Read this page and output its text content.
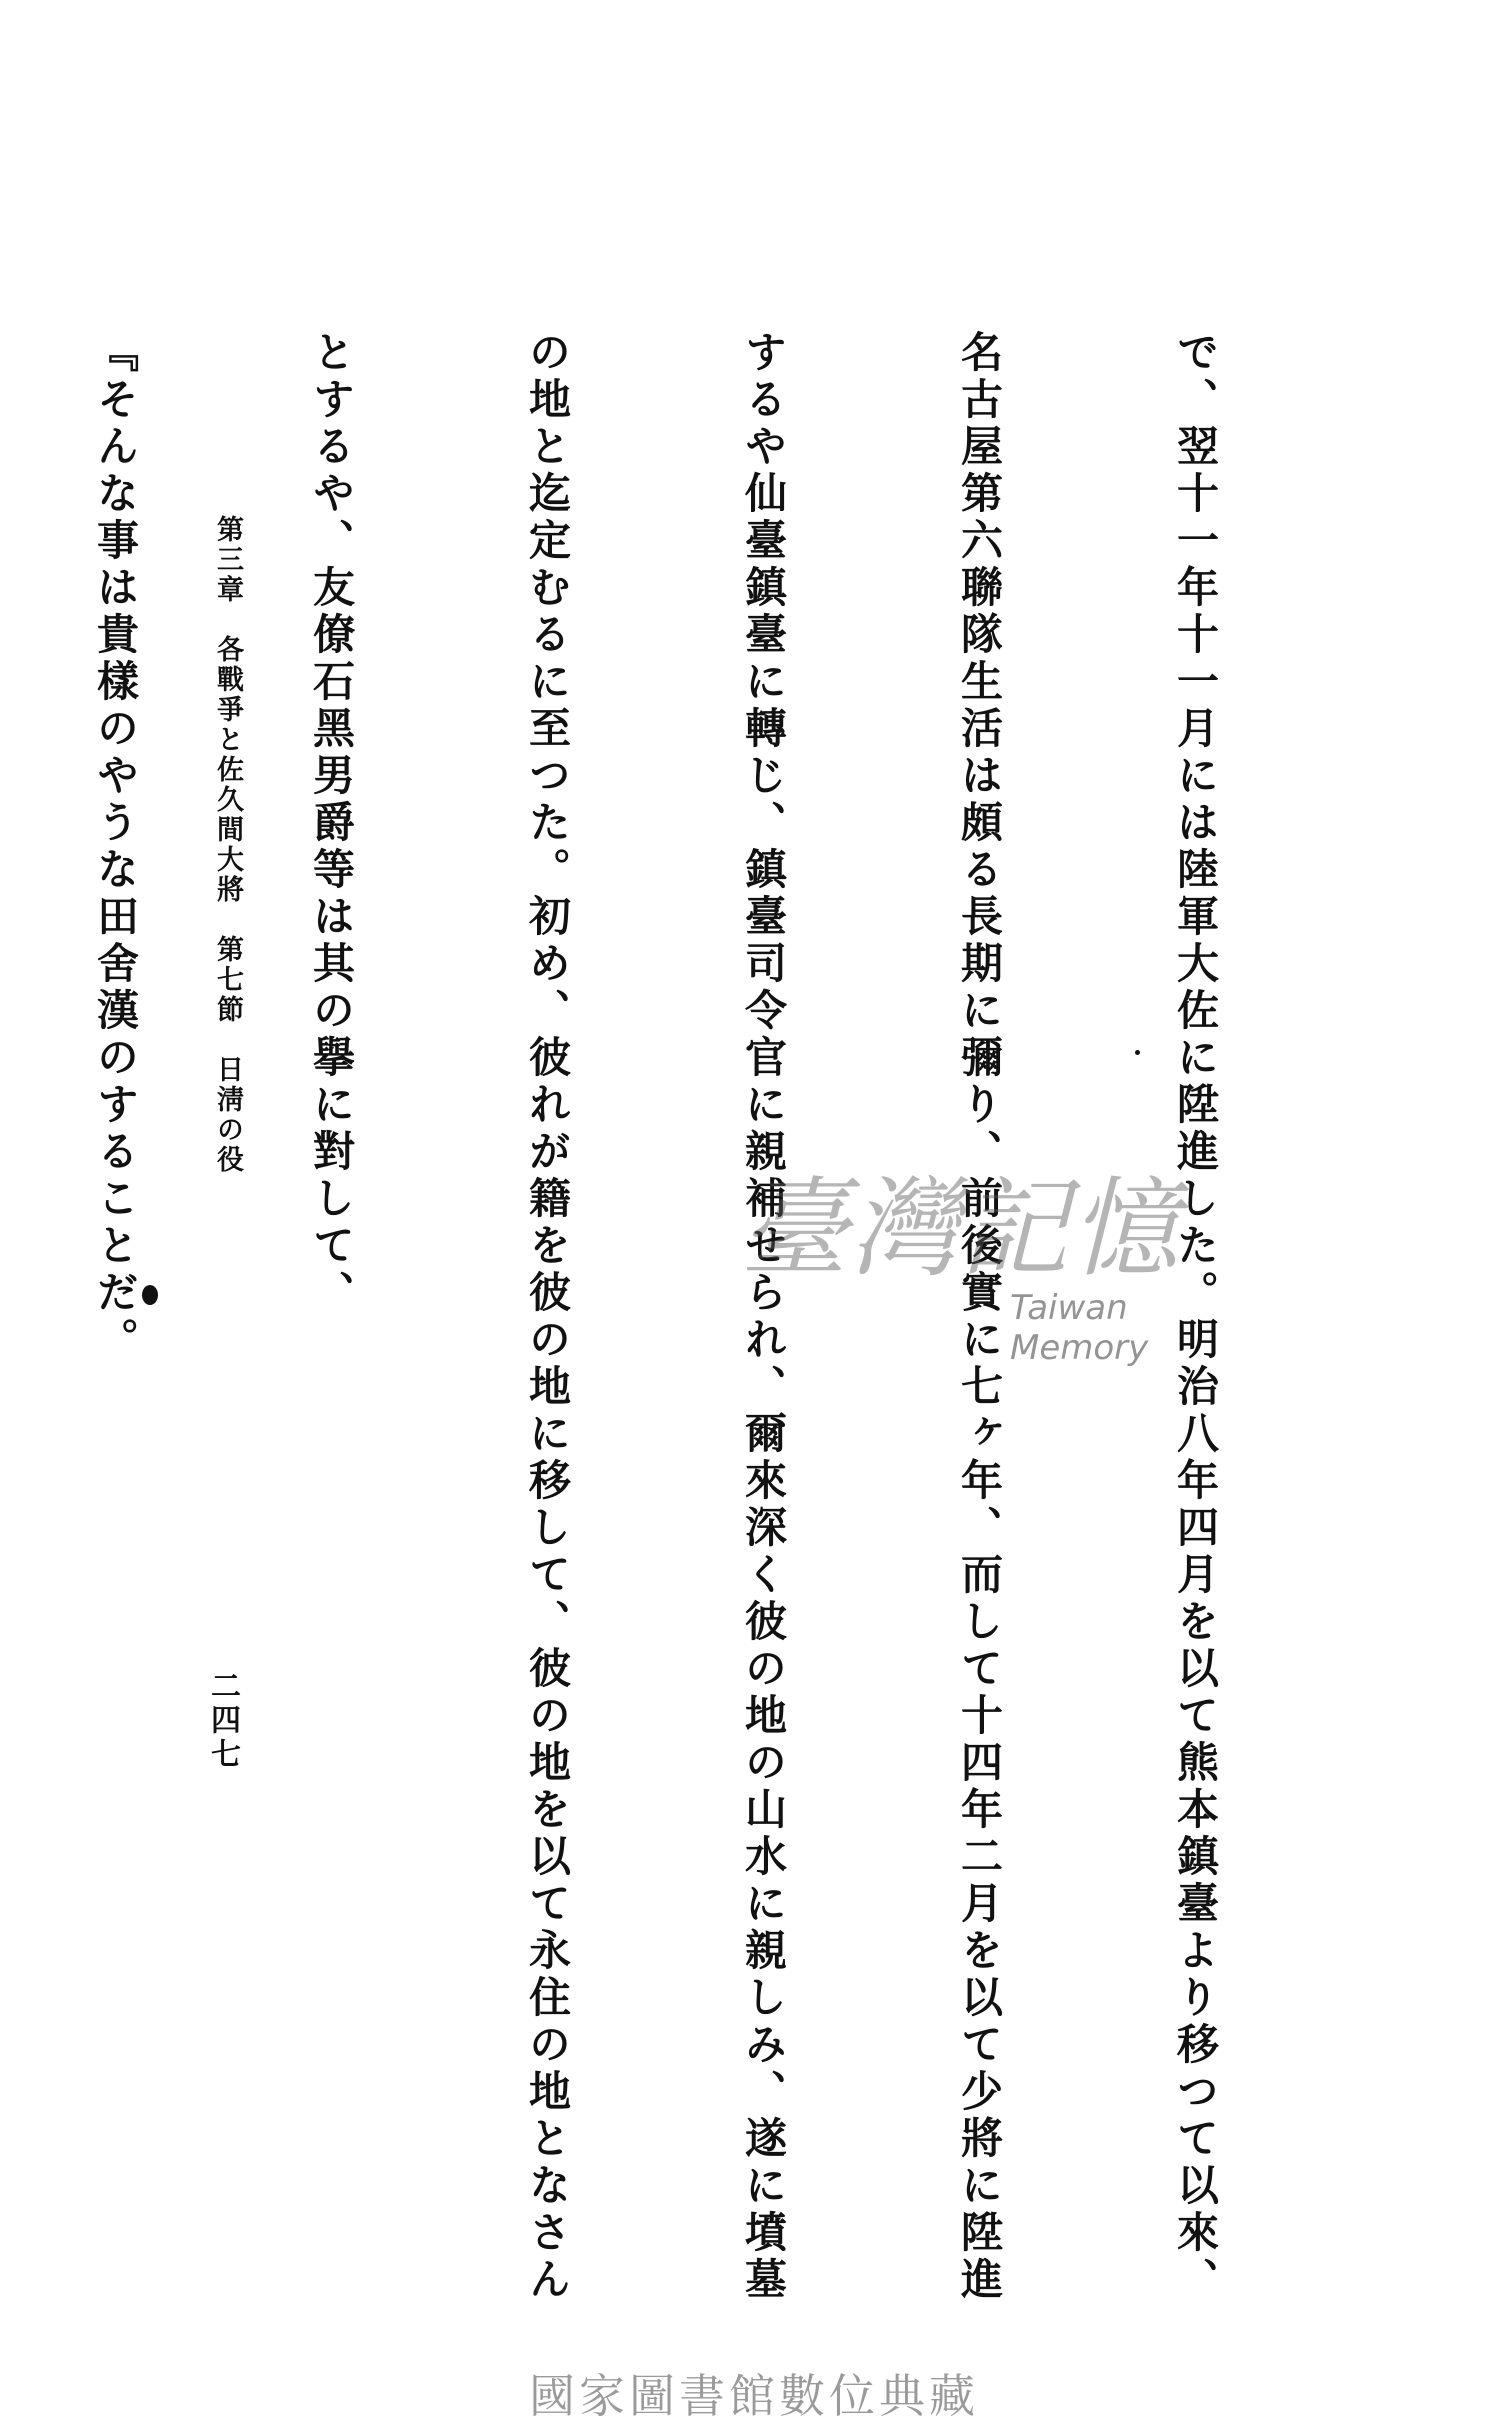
で、翌十一年十一月には陸軍大佐に陞進した。明治八年四月を以て熊本鎮臺より移つて以來、

名古屋第六聯隊生活は頗る長期に彌り、前後實に七ヶ年、而して十四年二月を以て少將に陞進

するや仙臺鎮臺に轉じ、鎮臺司令官に親補せられ、爾來深く彼の地の山水に親しみ、遂に墳墓

の地と迄定むるに至つた。初め、彼れが籍を彼の地に移して、彼の地を以て永住の地となさん

とするや、友僚石黑男爵等は其の擧に對して、

『そんな事は貴樣のやうな田舍漢のすることだ。

	第三章　各戰爭と佐久間大將　第七節　日淸の役
二四七
臺灣記憶
Taiwan Memory
國家圖書館數位典藏
